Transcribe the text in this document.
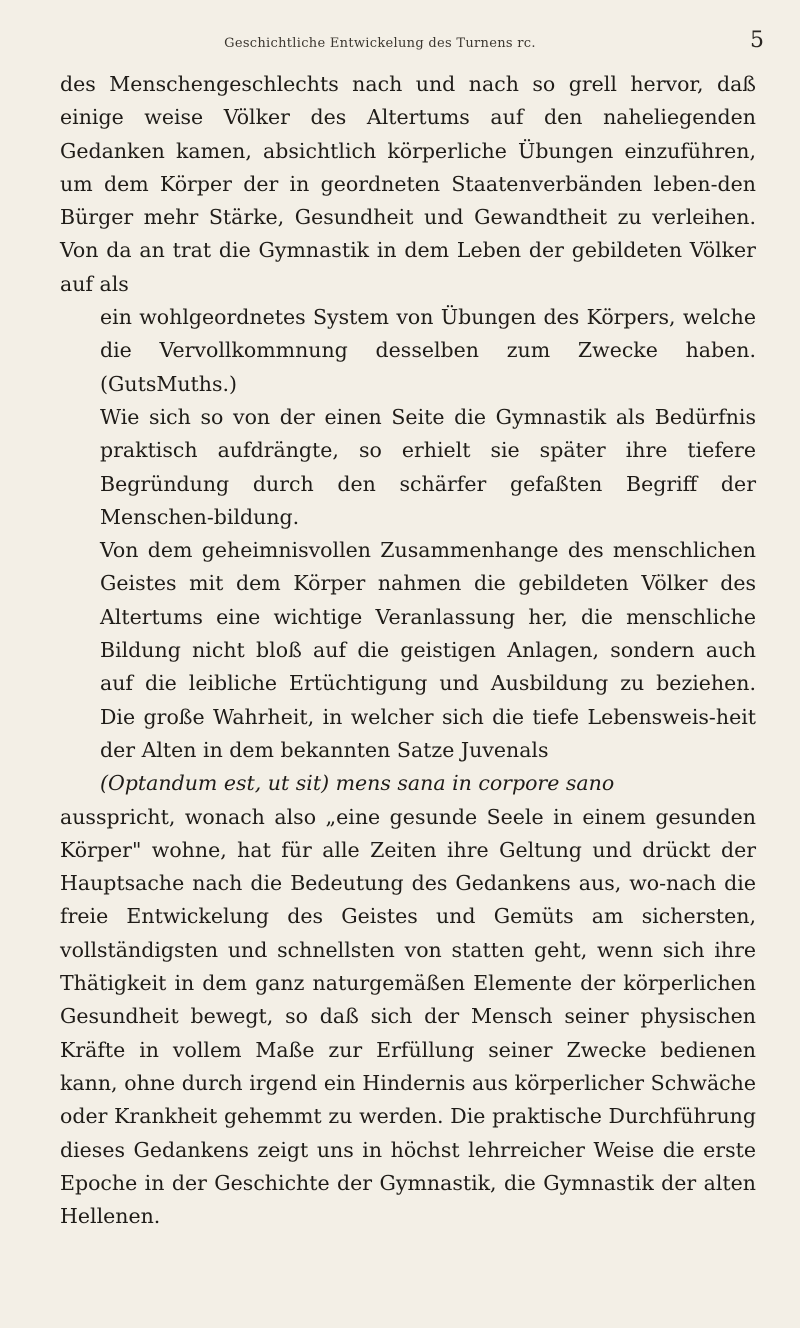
Geschichtliche Entwickelung des Turnens rc.	5

des Menschengeschlechts nach und nach so grell hervor, daß einige weise Völker des Altertums auf den naheliegenden Gedanken kamen, absichtlich körperliche Übungen einzuführen, um dem Körper der in geordneten Staatenverbänden leben-den Bürger mehr Stärke, Gesundheit und Gewandtheit zu verleihen. Von da an trat die Gymnastik in dem Leben der gebildeten Völker auf als

ein wohlgeordnetes System von Übungen des Körpers, welche die Vervollkommnung desselben zum Zwecke haben. (GutsMuths.)

Wie sich so von der einen Seite die Gymnastik als Bedürfnis praktisch aufdrängte, so erhielt sie später ihre tiefere Begründung durch den schärfer gefaßten Begriff der Menschen-bildung.

Von dem geheimnisvollen Zusammenhange des menschlichen Geistes mit dem Körper nahmen die gebildeten Völker des Altertums eine wichtige Veranlassung her, die menschliche Bildung nicht bloß auf die geistigen Anlagen, sondern auch auf die leibliche Ertüchtigung und Ausbildung zu beziehen. Die große Wahrheit, in welcher sich die tiefe Lebensweis-heit der Alten in dem bekannten Satze Juvenals

(Optandum est, ut sit) mens sana in corpore sano

ausspricht, wonach also „eine gesunde Seele in einem gesunden Körper" wohne, hat für alle Zeiten ihre Geltung und drückt der Hauptsache nach die Bedeutung des Gedankens aus, wo-nach die freie Entwickelung des Geistes und Gemüts am sichersten, vollständigsten und schnellsten von statten geht, wenn sich ihre Thätigkeit in dem ganz naturgemäßen Elemente der körperlichen Gesundheit bewegt, so daß sich der Mensch seiner physischen Kräfte in vollem Maße zur Erfüllung seiner Zwecke bedienen kann, ohne durch irgend ein Hindernis aus körperlicher Schwäche oder Krankheit gehemmt zu werden. Die praktische Durchführung dieses Gedankens zeigt uns in höchst lehrreicher Weise die erste Epoche in der Geschichte der Gymnastik, die Gymnastik der alten Hellenen.
